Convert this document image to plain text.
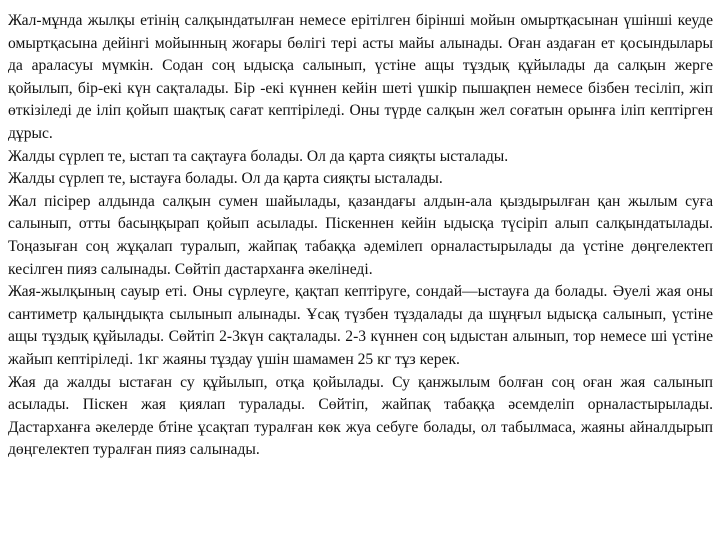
Жал-мұнда жылқы етінің салқындатылған немесе ерітілген бірінші мойын омыртқасынан үшінші кеуде омыртқасына дейінгі мойынның жоғары бөлігі тері асты майы алынады. Оған аздаған ет қосындылары да араласуы мүмкін. Содан соң ыдысқа салынып, үстіне ащы тұздық құйылады да салқын жерге қойылып, бір-екі күн сақталады. Бір -екі күннен кейін шеті үшкір пышақпен немесе бізбен тесіліп, жіп өткізіледі де іліп қойып шақтық сағат кептіріледі. Оны түрде салқын жел соғатын орынға іліп кептірген дұрыс.

Жалды сүрлеп те, ыстап та сақтауға болады. Ол да қарта сияқты ысталады.

Жалды сүрлеп те, ыстауға болады. Ол да қарта сияқты ысталады.

Жал пісірер алдында салқын сумен шайылады, қазандағы алдын-ала қыздырылған қан жылым суға салынып, отты басыңқырап қойып асылады. Піскеннен кейін ыдысқа түсіріп алып салқындатылады. Тоңазыған соң жұқалап туралып, жайпақ табаққа әдемілеп орналастырылады да үстіне дөңгелектеп кесілген пияз салынады. Сөйтіп дастарханға әкелінеді.

Жая-жылқының сауыр еті. Оны сүрлеуге, қақтап кептіруге, сондай—ыстауға да болады. Әуелі жая оны сантиметр қалыңдықта сылынып алынады. Ұсақ түзбен тұздалады да шұңғыл ыдысқа салынып, үстіне ащы тұздық құйылады. Сөйтіп 2-3күн сақталады. 2-3 күннен соң ыдыстан алынып, тор немесе ші үстіне жайып кептіріледі. 1кг жаяны тұздау үшін шамамен 25 кг тұз керек.

Жая да жалды ыстаған су құйылып, отқа қойылады. Су қанжылым болған соң оған жая салынып асылады. Піскен жая қиялап туралады. Сөйтіп, жайпақ табаққа әсемделіп орналастырылады. Дастарханға әкелерде бтіне ұсақтап туралған көк жуа себуге болады, ол табылмаса, жаяны айналдырып дөңгелектеп туралған пияз салынады.
